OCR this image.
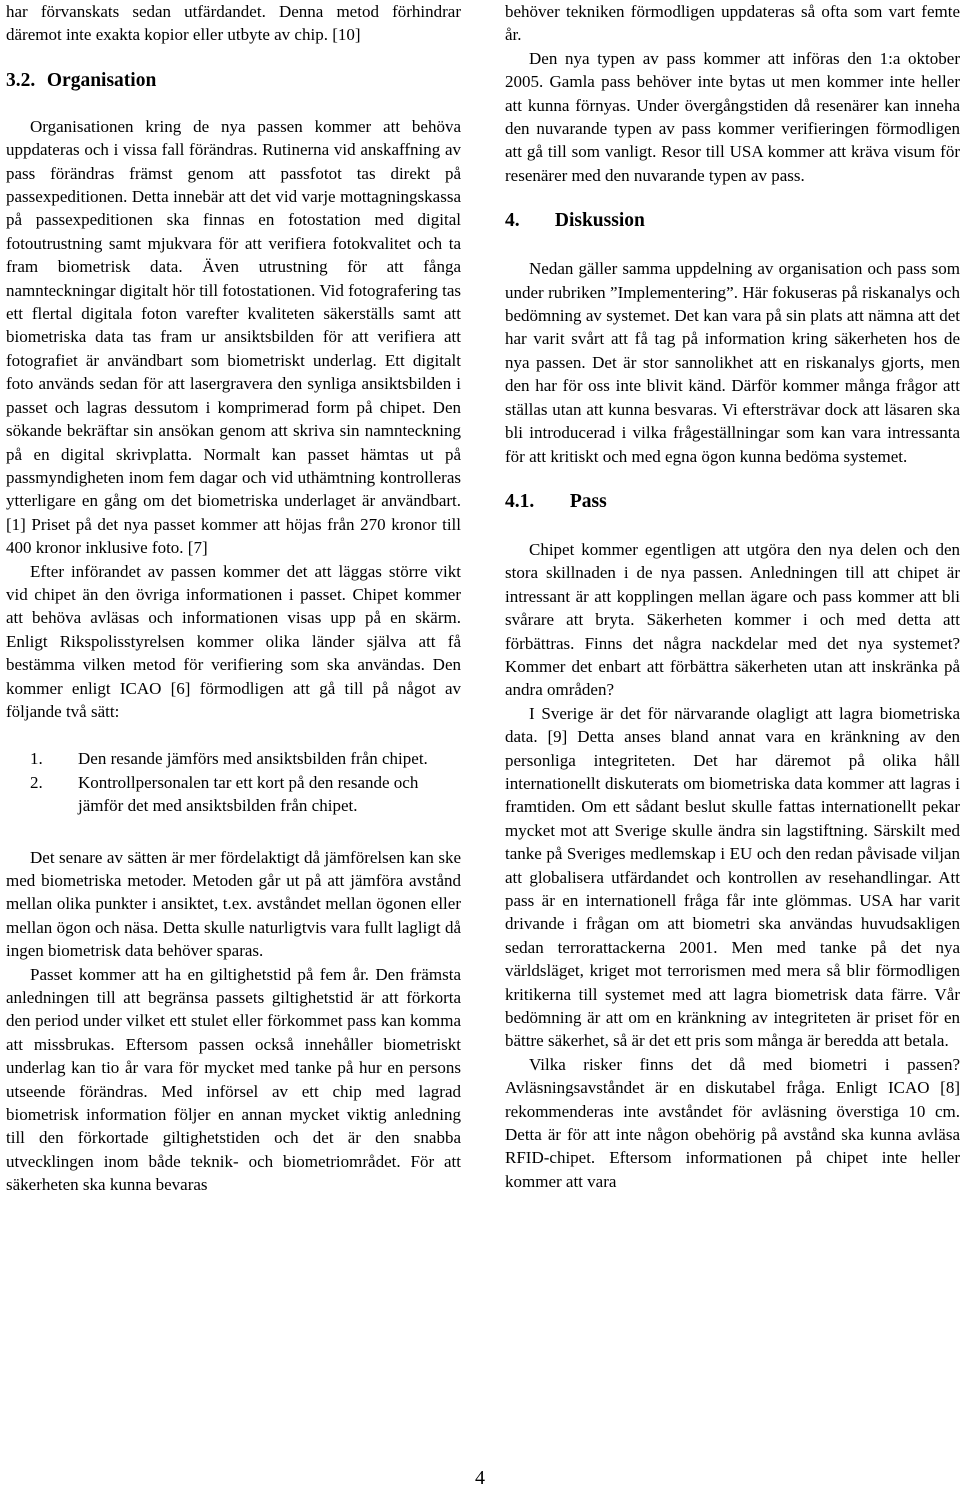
har förvanskats sedan utfärdandet. Denna metod förhindrar däremot inte exakta kopior eller utbyte av chip. [10]

3.2. Organisation

Organisationen kring de nya passen kommer att behöva uppdateras och i vissa fall förändras. Rutinerna vid anskaffning av pass förändras främst genom att passfotot tas direkt på passexpeditionen. Detta innebär att det vid varje mottagningskassa på passexpeditionen ska finnas en fotostation med digital fotoutrustning samt mjukvara för att verifiera fotokvalitet och ta fram biometrisk data. Även utrustning för att fånga namnteckningar digitalt hör till fotostationen. Vid fotografering tas ett flertal digitala foton varefter kvaliteten säkerställs samt att biometriska data tas fram ur ansiktsbilden för att verifiera att fotografiet är användbart som biometriskt underlag. Ett digitalt foto används sedan för att lasergravera den synliga ansiktsbilden i passet och lagras dessutom i komprimerad form på chipet. Den sökande bekräftar sin ansökan genom att skriva sin namnteckning på en digital skrivplatta. Normalt kan passet hämtas ut på passmyndigheten inom fem dagar och vid uthämtning kontrolleras ytterligare en gång om det biometriska underlaget är användbart. [1] Priset på det nya passet kommer att höjas från 270 kronor till 400 kronor inklusive foto. [7]

Efter införandet av passen kommer det att läggas större vikt vid chipet än den övriga informationen i passet. Chipet kommer att behöva avläsas och informationen visas upp på en skärm. Enligt Rikspolisstyrelsen kommer olika länder själva att få bestämma vilken metod för verifiering som ska användas. Den kommer enligt ICAO [6] förmodligen att gå till på något av följande två sätt:

1. Den resande jämförs med ansiktsbilden från chipet.
2. Kontrollpersonalen tar ett kort på den resande och jämför det med ansiktsbilden från chipet.

Det senare av sätten är mer fördelaktigt då jämförelsen kan ske med biometriska metoder. Metoden går ut på att jämföra avstånd mellan olika punkter i ansiktet, t.ex. avståndet mellan ögonen eller mellan ögon och näsa. Detta skulle naturligtvis vara fullt lagligt då ingen biometrisk data behöver sparas.

Passet kommer att ha en giltighetstid på fem år. Den främsta anledningen till att begränsa passets giltighetstid är att förkorta den period under vilket ett stulet eller förkommet pass kan komma att missbrukas. Eftersom passen också innehåller biometriskt underlag kan tio år vara för mycket med tanke på hur en persons utseende förändras. Med införsel av ett chip med lagrad biometrisk information följer en annan mycket viktig anledning till den förkortade giltighetstiden och det är den snabba utvecklingen inom både teknik- och biometriområdet. För att säkerheten ska kunna bevaras

behöver tekniken förmodligen uppdateras så ofta som vart femte år.

Den nya typen av pass kommer att införas den 1:a oktober 2005. Gamla pass behöver inte bytas ut men kommer inte heller att kunna förnyas. Under övergångstiden då resenärer kan inneha den nuvarande typen av pass kommer verifieringen förmodligen att gå till som vanligt. Resor till USA kommer att kräva visum för resenärer med den nuvarande typen av pass.

4. Diskussion

Nedan gäller samma uppdelning av organisation och pass som under rubriken ”Implementering”. Här fokuseras på riskanalys och bedömning av systemet. Det kan vara på sin plats att nämna att det har varit svårt att få tag på information kring säkerheten hos de nya passen. Det är stor sannolikhet att en riskanalys gjorts, men den har för oss inte blivit känd. Därför kommer många frågor att ställas utan att kunna besvaras. Vi eftersträvar dock att läsaren ska bli introducerad i vilka frågeställningar som kan vara intressanta för att kritiskt och med egna ögon kunna bedöma systemet.

4.1. Pass

Chipet kommer egentligen att utgöra den nya delen och den stora skillnaden i de nya passen. Anledningen till att chipet är intressant är att kopplingen mellan ägare och pass kommer att bli svårare att bryta. Säkerheten kommer i och med detta att förbättras. Finns det några nackdelar med det nya systemet? Kommer det enbart att förbättra säkerheten utan att inskränka på andra områden?

I Sverige är det för närvarande olagligt att lagra biometriska data. [9] Detta anses bland annat vara en kränkning av den personliga integriteten. Det har däremot på olika håll internationellt diskuterats om biometriska data kommer att lagras i framtiden. Om ett sådant beslut skulle fattas internationellt pekar mycket mot att Sverige skulle ändra sin lagstiftning. Särskilt med tanke på Sveriges medlemskap i EU och den redan påvisade viljan att globalisera utfärdandet och kontrollen av resehandlingar. Att pass är en internationell fråga får inte glömmas. USA har varit drivande i frågan om att biometri ska användas huvudsakligen sedan terrorattackerna 2001. Men med tanke på det nya världsläget, kriget mot terrorismen med mera så blir förmodligen kritikerna till systemet med att lagra biometrisk data färre. Vår bedömning är att om en kränkning av integriteten är priset för en bättre säkerhet, så är det ett pris som många är beredda att betala.

Vilka risker finns det då med biometri i passen? Avläsningsavståndet är en diskutabel fråga. Enligt ICAO [8] rekommenderas inte avståndet för avläsning överstiga 10 cm. Detta är för att inte någon obehörig på avstånd ska kunna avläsa RFID-chipet. Eftersom informationen på chipet inte heller kommer att vara

4
